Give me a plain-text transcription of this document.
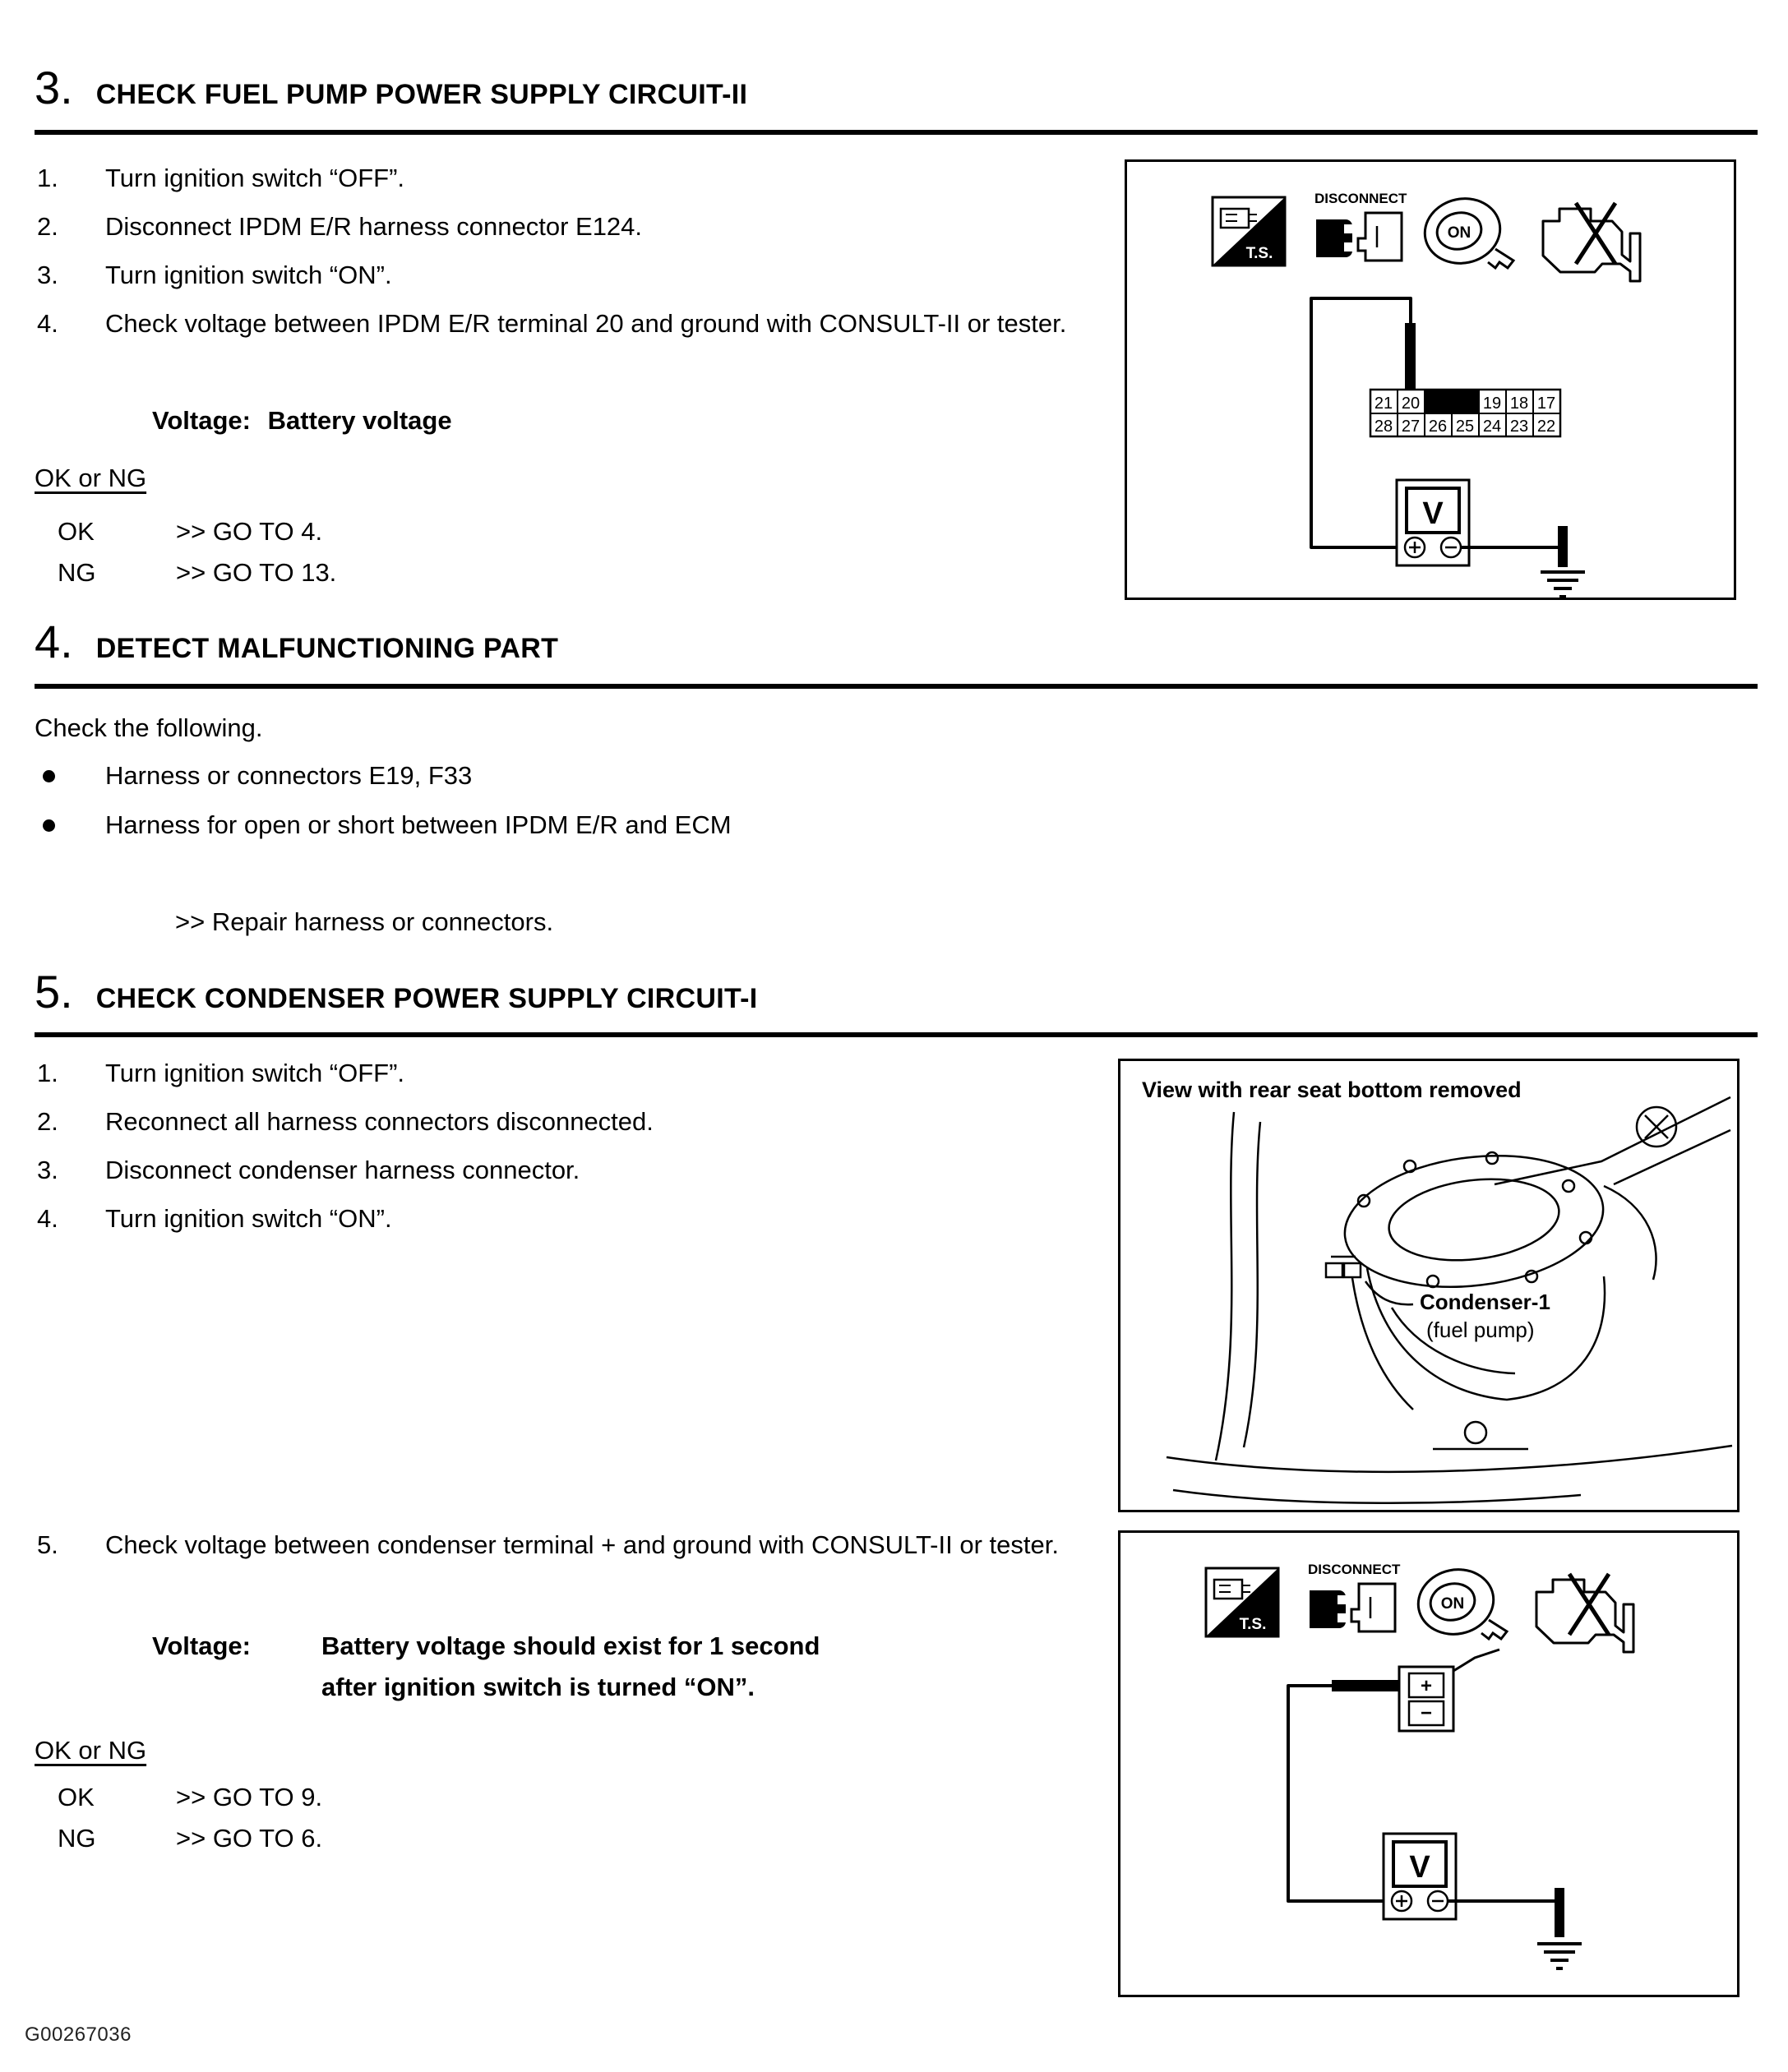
3. CHECK FUEL PUMP POWER SUPPLY CIRCUIT-II
1.	Turn ignition switch “OFF”.
2.	Disconnect IPDM E/R harness connector E124.
3.	Turn ignition switch “ON”.
4.	Check voltage between IPDM E/R terminal 20 and ground with CONSULT-II or tester.
Voltage: Battery voltage
OK or NG
OK	>> GO TO 4.
NG	>> GO TO 13.
T.S.
DISCONNECT
ON
21 20	19 18 17
28 27 26 25 24 23 22
V
4. DETECT MALFUNCTIONING PART
Check the following.
Harness or connectors E19, F33
Harness for open or short between IPDM E/R and ECM
>> Repair harness or connectors.
5. CHECK CONDENSER POWER SUPPLY CIRCUIT-I
1.	Turn ignition switch “OFF”.
2.	Reconnect all harness connectors disconnected.
3.	Disconnect condenser harness connector.
4.	Turn ignition switch “ON”.
View with rear seat bottom removed
Condenser-1
(fuel pump)
5.	Check voltage between condenser terminal + and ground with CONSULT-II or tester.
Voltage:	Battery voltage should exist for 1 second
after ignition switch is turned “ON”.
OK or NG
OK	>> GO TO 9.
NG	>> GO TO 6.
T.S.
DISCONNECT
ON
+
−
V
G00267036
